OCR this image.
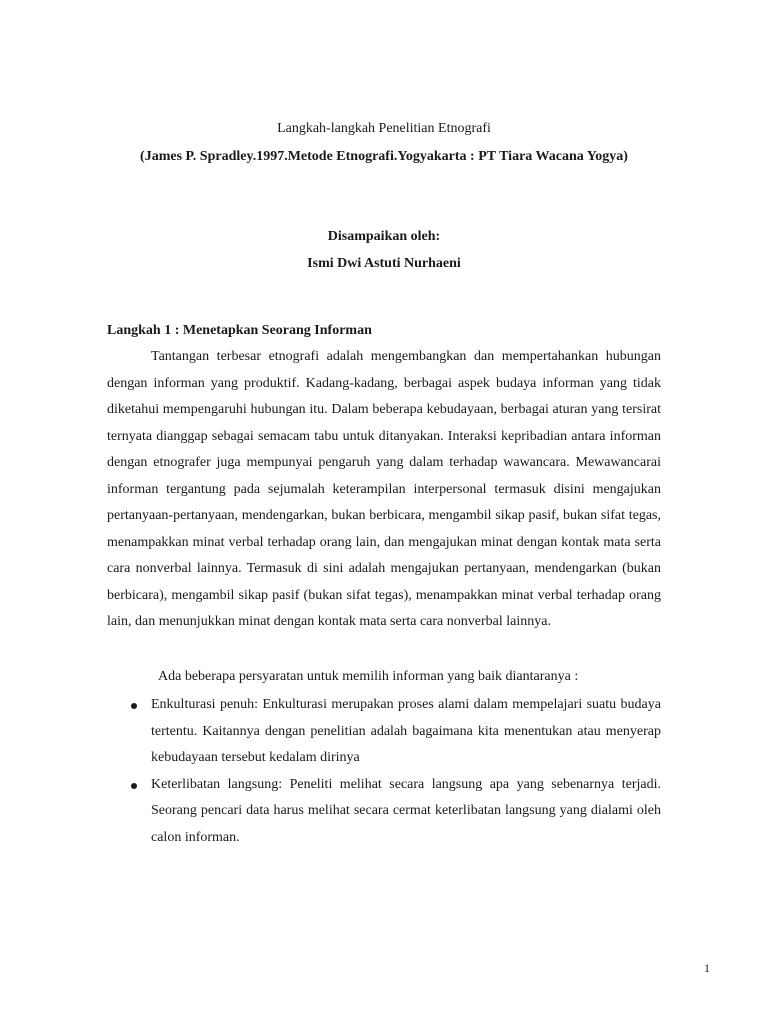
Langkah-langkah Penelitian Etnografi
(James P. Spradley.1997.Metode Etnografi.Yogyakarta : PT Tiara Wacana Yogya)
Disampaikan oleh:
Ismi Dwi Astuti Nurhaeni
Langkah 1 : Menetapkan Seorang Informan

Tantangan terbesar etnografi adalah mengembangkan dan mempertahankan hubungan dengan informan yang produktif. Kadang-kadang, berbagai aspek budaya informan yang tidak diketahui mempengaruhi hubungan itu. Dalam beberapa kebudayaan, berbagai aturan yang tersirat ternyata dianggap sebagai semacam tabu untuk ditanyakan. Interaksi kepribadian antara informan dengan etnografer juga mempunyai pengaruh yang dalam terhadap wawancara. Mewawancarai informan tergantung pada sejumalah keterampilan interpersonal termasuk disini mengajukan pertanyaan-pertanyaan, mendengarkan, bukan berbicara, mengambil sikap pasif, bukan sifat tegas, menampakkan minat verbal terhadap orang lain, dan mengajukan minat dengan kontak mata serta cara nonverbal lainnya. Termasuk di sini adalah mengajukan pertanyaan, mendengarkan (bukan berbicara), mengambil sikap pasif (bukan sifat tegas), menampakkan minat verbal terhadap orang lain, dan menunjukkan minat dengan kontak mata serta cara nonverbal lainnya.

Ada beberapa persyaratan untuk memilih informan yang baik diantaranya :

Enkulturasi penuh: Enkulturasi merupakan proses alami dalam mempelajari suatu budaya tertentu. Kaitannya dengan penelitian adalah bagaimana kita menentukan atau menyerap kebudayaan tersebut kedalam dirinya
Keterlibatan langsung: Peneliti melihat secara langsung apa yang sebenarnya terjadi. Seorang pencari data harus melihat secara cermat keterlibatan langsung yang dialami oleh calon informan.
1
